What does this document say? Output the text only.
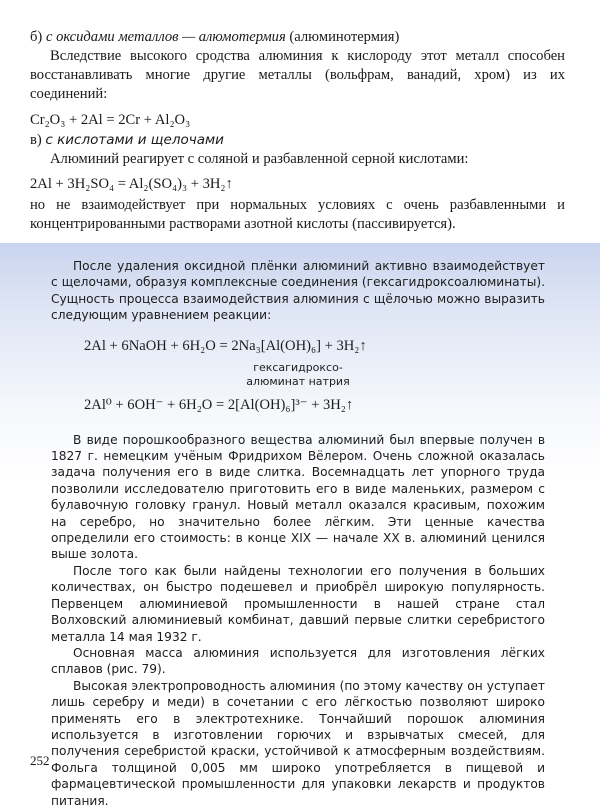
б) с оксидами металлов — алюмотермия (алюминотермия)

Вследствие высокого сродства алюминия к кислороду этот металл способен восстанавливать многие другие металлы (вольфрам, ванадий, хром) из их соединений:

Cr₂O₃ + 2Al = 2Cr + Al₂O₃

в) с кислотами и щелочами

Алюминий реагирует с соляной и разбавленной серной кислотами:

2Al + 3H₂SO₄ = Al₂(SO₄)₃ + 3H₂↑

но не взаимодействует при нормальных условиях с очень разбавленными и концентрированными растворами азотной кислоты (пассивируется).

После удаления оксидной плёнки алюминий активно взаимодействует с щелочами, образуя комплексные соединения (гексагидроксоалюминаты). Сущность процесса взаимодействия алюминия с щёлочью можно выразить следующим уравнением реакции:

2Al + 6NaOH + 6H₂O = 2Na₃[Al(OH)₆] + 3H₂↑
гексагидроксо-
алюминат натрия
2Al⁰ + 6OH⁻ + 6H₂O = 2[Al(OH)₆]³⁻ + 3H₂↑

В виде порошкообразного вещества алюминий был впервые получен в 1827 г. немецким учёным Фридрихом Вёлером. Очень сложной оказалась задача получения его в виде слитка. Восемнадцать лет упорного труда позволили исследователю приготовить его в виде маленьких, размером с булавочную головку гранул. Новый металл оказался красивым, похожим на серебро, но значительно более лёгким. Эти ценные качества определили его стоимость: в конце XIX — начале XX в. алюминий ценился выше золота.

После того как были найдены технологии его получения в больших количествах, он быстро подешевел и приобрёл широкую популярность. Первенцем алюминиевой промышленности в нашей стране стал Волховский алюминиевый комбинат, давший первые слитки серебристого металла 14 мая 1932 г.

Основная масса алюминия используется для изготовления лёгких сплавов (рис. 79).

Высокая электропроводность алюминия (по этому качеству он уступает лишь серебру и меди) в сочетании с его лёгкостью позволяют широко применять его в электротехнике. Тончайший порошок алюминия используется в изготовлении горючих и взрывчатых смесей, для получения серебристой краски, устойчивой к атмосферным воздействиям. Фольга толщиной 0,005 мм широко употребляется в пищевой и фармацевтической промышленности для упаковки лекарств и продуктов питания.

252
